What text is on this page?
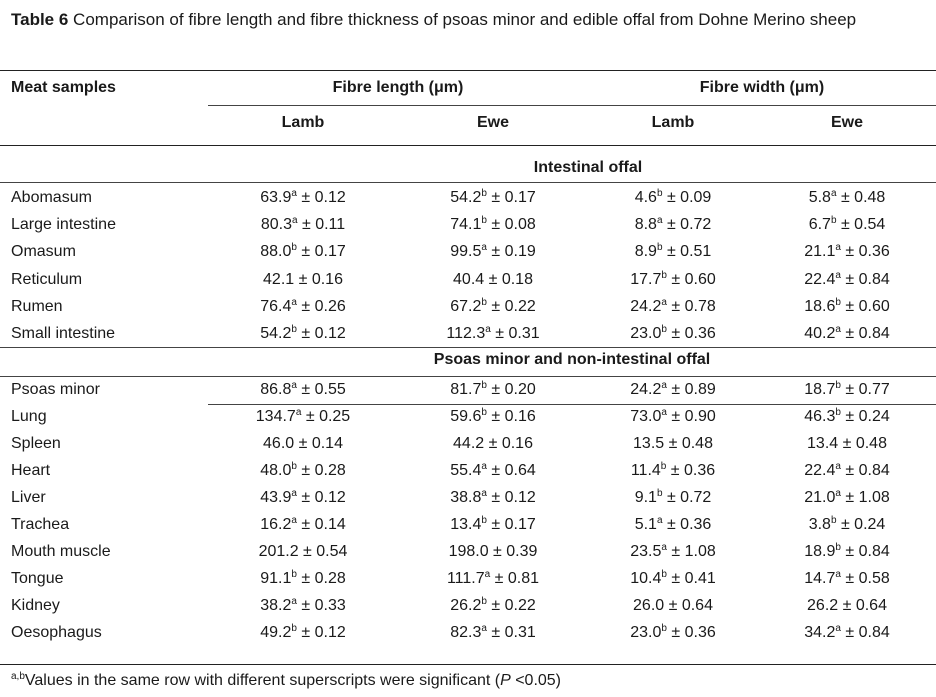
Table 6 Comparison of fibre length and fibre thickness of psoas minor and edible offal from Dohne Merino sheep
Meat samples	Fibre length (μm)	Fibre width (μm)
Lamb	Ewe	Lamb	Ewe
Intestinal offal
Abomasum	63.9$^a$ ± 0.12	54.2$^b$ ± 0.17	4.6$^b$ ± 0.09	5.8$^a$ ± 0.48
Large intestine	80.3$^a$ ± 0.11	74.1$^b$ ± 0.08	8.8$^a$ ± 0.72	6.7$^b$ ± 0.54
Omasum	88.0$^b$ ± 0.17	99.5$^a$ ± 0.19	8.9$^b$ ± 0.51	21.1$^a$ ± 0.36
Reticulum	42.1 ± 0.16	40.4 ± 0.18	17.7$^b$ ± 0.60	22.4$^a$ ± 0.84
Rumen	76.4$^a$ ± 0.26	67.2$^b$ ± 0.22	24.2$^a$ ± 0.78	18.6$^b$ ± 0.60
Small intestine	54.2$^b$ ± 0.12	112.3$^a$ ± 0.31	23.0$^b$ ± 0.36	40.2$^a$ ± 0.84
Psoas minor and non-intestinal offal
Psoas minor	86.8$^a$ ± 0.55	81.7$^b$ ± 0.20	24.2$^a$ ± 0.89	18.7$^b$ ± 0.77
Lung	134.7$^a$ ± 0.25	59.6$^b$ ± 0.16	73.0$^a$ ± 0.90	46.3$^b$ ± 0.24
Spleen	46.0 ± 0.14	44.2 ± 0.16	13.5 ± 0.48	13.4 ± 0.48
Heart	48.0$^b$ ± 0.28	55.4$^a$ ± 0.64	11.4$^b$ ± 0.36	22.4$^a$ ± 0.84
Liver	43.9$^a$ ± 0.12	38.8$^a$ ± 0.12	9.1$^b$ ± 0.72	21.0$^a$ ± 1.08
Trachea	16.2$^a$ ± 0.14	13.4$^b$ ± 0.17	5.1$^a$ ± 0.36	3.8$^b$ ± 0.24
Mouth muscle	201.2 ± 0.54	198.0 ± 0.39	23.5$^a$ ± 1.08	18.9$^b$ ± 0.84
Tongue	91.1$^b$ ± 0.28	111.7$^a$ ± 0.81	10.4$^b$ ± 0.41	14.7$^a$ ± 0.58
Kidney	38.2$^a$ ± 0.33	26.2$^b$ ± 0.22	26.0 ± 0.64	26.2 ± 0.64
Oesophagus	49.2$^b$ ± 0.12	82.3$^a$ ± 0.31	23.0$^b$ ± 0.36	34.2$^a$ ± 0.84
$^{a,b}$Values in the same row with different superscripts were significant (P <0.05)
